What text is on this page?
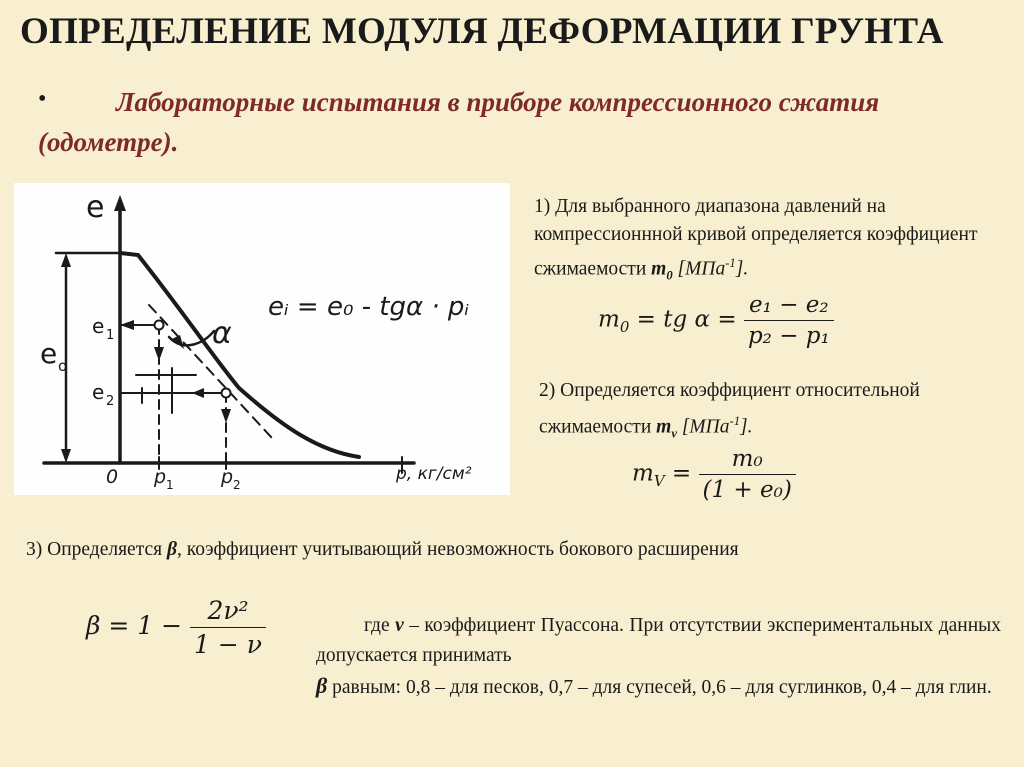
ОПРЕДЕЛЕНИЕ МОДУЛЯ ДЕФОРМАЦИИ ГРУНТА
•	Лабораторные испытания в приборе компрессионного сжатия (одометре).
e
e o
e 1
e 2
0 p 1 p 2
p, кг/см²
α
eᵢ = e₀ - tgα · pᵢ
1) Для выбранного диапазона давлений на компрессионнной кривой определяется коэффициент сжимаемости $m_0$ [МПа$^{-1}$].
$m_0$ = tg $\alpha = \frac{\text{e₁ − e₂}}{\text{p₂ − p₁}}$
2) Определяется коэффициент относительной сжимаемости $m_v$ [МПа$^{-1}$].
$m_V = \frac{\text{m₀}}{\text{(1 + e₀)}}$
3) Определяется β, коэффициент учитывающий невозможность бокового расширения
$\beta = 1 - \frac{\text{2ν²}}{1 - \nu}$	где ν – коэффициент Пуассона. При отсутствии экспериментальных данных допускается принимать
β равным: 0,8 – для песков, 0,7 – для супесей, 0,6 – для суглинков, 0,4 – для глин.
